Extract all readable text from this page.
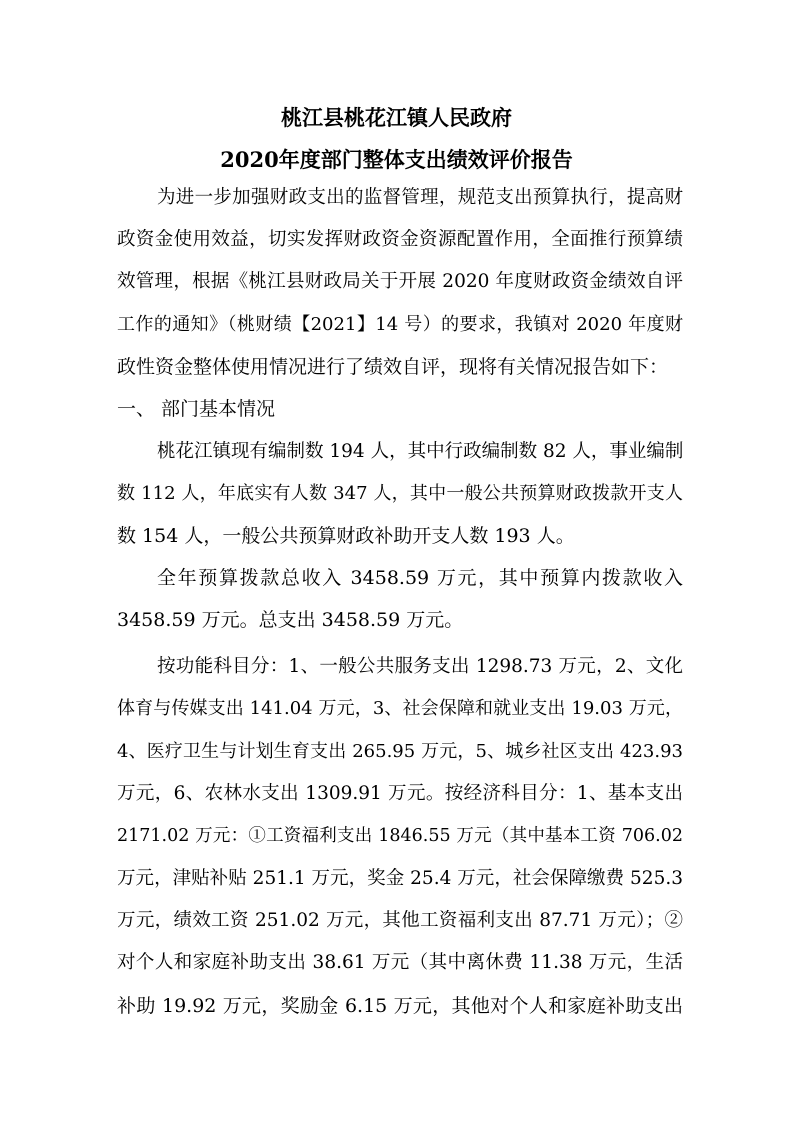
桃江县桃花江镇人民政府
2020年度部门整体支出绩效评价报告
为进一步加强财政支出的监督管理，规范支出预算执行，提高财
政资金使用效益，切实发挥财政资金资源配置作用，全面推行预算绩
效管理，根据《桃江县财政局关于开展 2020 年度财政资金绩效自评
工作的通知》（桃财绩【2021】14 号）的要求，我镇对 2020 年度财
政性资金整体使用情况进行了绩效自评，现将有关情况报告如下：
一、 部门基本情况
桃花江镇现有编制数 194 人，其中行政编制数 82 人，事业编制
数 112 人，年底实有人数 347 人，其中一般公共预算财政拨款开支人
数 154 人，一般公共预算财政补助开支人数 193 人。
全年预算拨款总收入 3458.59 万元，其中预算内拨款收入
3458.59 万元。总支出 3458.59 万元。
按功能科目分：1、一般公共服务支出 1298.73 万元，2、文化
体育与传媒支出 141.04 万元，3、社会保障和就业支出 19.03 万元，
4、医疗卫生与计划生育支出 265.95 万元，5、城乡社区支出 423.93
万元，6、农林水支出 1309.91 万元。按经济科目分：1、基本支出
2171.02 万元：①工资福利支出 1846.55 万元（其中基本工资 706.02
万元，津贴补贴 251.1 万元，奖金 25.4 万元，社会保障缴费 525.3
万元，绩效工资 251.02 万元，其他工资福利支出 87.71 万元）；②
对个人和家庭补助支出 38.61 万元（其中离休费 11.38 万元，生活
补助 19.92 万元，奖励金 6.15 万元，其他对个人和家庭补助支出
